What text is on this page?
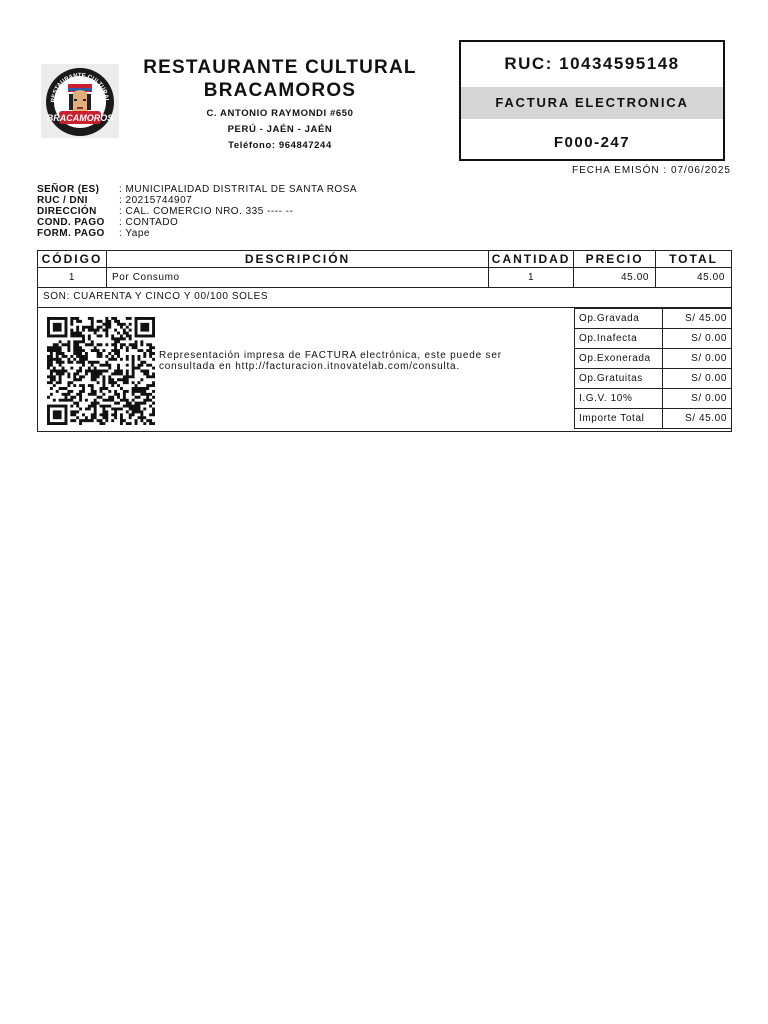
BRACAMOROS
RESTAURANTE CULTURAL
RESTAURANTE CULTURAL
BRACAMOROS
C. ANTONIO RAYMONDI #650
PERÚ - JAÉN - JAÉN
Teléfono: 964847244
RUC: 10434595148
FACTURA ELECTRONICA
F000-247
FECHA EMISÓN : 07/06/2025
SEÑOR (ES)	: MUNICIPALIDAD DISTRITAL DE SANTA ROSA
RUC / DNI	: 20215744907
DIRECCIÓN	: CAL. COMERCIO NRO. 335 ---- --
COND. PAGO	: CONTADO
FORM. PAGO	: Yape
CÓDIGO	DESCRIPCIÓN	CANTIDAD	PRECIO	TOTAL
1	Por Consumo	1	45.00	45.00
SON: CUARENTA Y CINCO Y 00/100 SOLES
Representación impresa de FACTURA electrónica, este puede ser consultada en http://facturacion.itnovatelab.com/consulta.
Op.Gravada	S/ 45.00
Op.Inafecta	S/ 0.00
Op.Exonerada	S/ 0.00
Op.Gratuitas	S/ 0.00
I.G.V. 10%	S/ 0.00
Importe Total	S/ 45.00
